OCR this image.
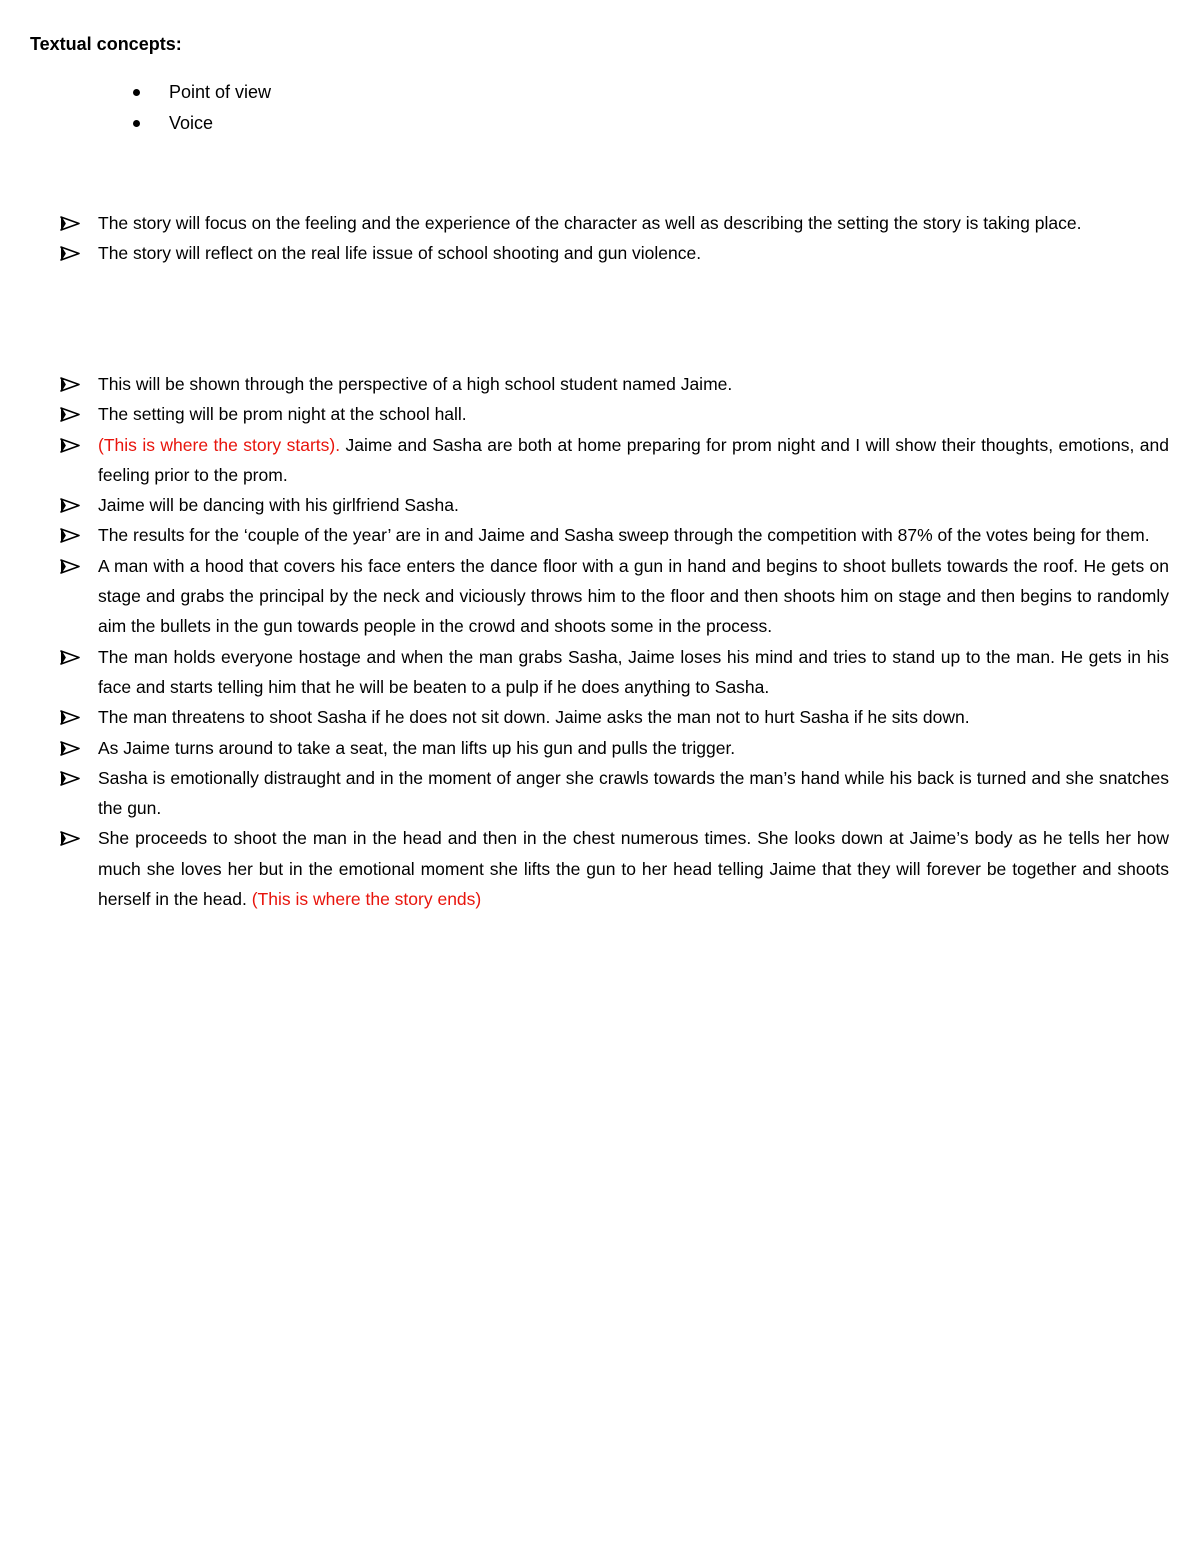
Textual concepts:
Point of view
Voice
The story will focus on the feeling and the experience of the character as well as describing the setting the story is taking place.
The story will reflect on the real life issue of school shooting and gun violence.
This will be shown through the perspective of a high school student named Jaime.
The setting will be prom night at the school hall.
(This is where the story starts). Jaime and Sasha are both at home preparing for prom night and I will show their thoughts, emotions, and feeling prior to the prom.
Jaime will be dancing with his girlfriend Sasha.
The results for the ‘couple of the year’ are in and Jaime and Sasha sweep through the competition with 87% of the votes being for them.
A man with a hood that covers his face enters the dance floor with a gun in hand and begins to shoot bullets towards the roof. He gets on stage and grabs the principal by the neck and viciously throws him to the floor and then shoots him on stage and then begins to randomly aim the bullets in the gun towards people in the crowd and shoots some in the process.
The man holds everyone hostage and when the man grabs Sasha, Jaime loses his mind and tries to stand up to the man. He gets in his face and starts telling him that he will be beaten to a pulp if he does anything to Sasha.
The man threatens to shoot Sasha if he does not sit down. Jaime asks the man not to hurt Sasha if he sits down.
As Jaime turns around to take a seat, the man lifts up his gun and pulls the trigger.
Sasha is emotionally distraught and in the moment of anger she crawls towards the man’s hand while his back is turned and she snatches the gun.
She proceeds to shoot the man in the head and then in the chest numerous times. She looks down at Jaime’s body as he tells her how much she loves her but in the emotional moment she lifts the gun to her head telling Jaime that they will forever be together and shoots herself in the head. (This is where the story ends)
